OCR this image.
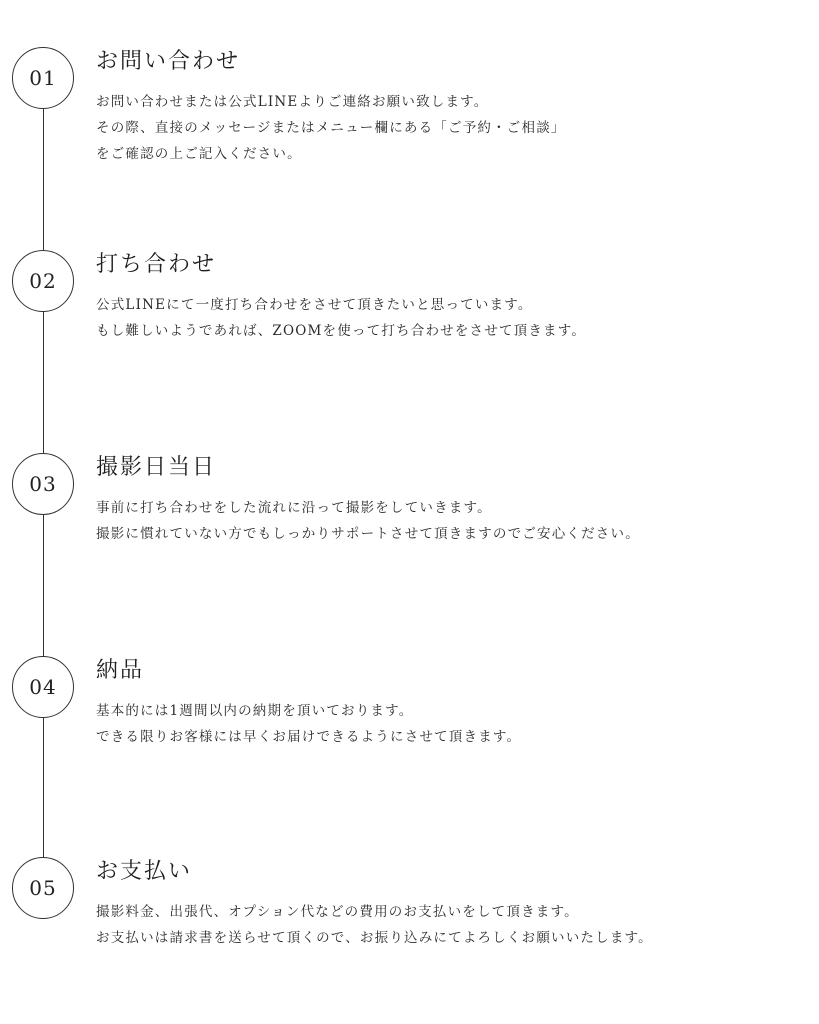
01
お問い合わせ
お問い合わせまたは公式LINEよりご連絡お願い致します。
その際、直接のメッセージまたはメニュー欄にある「ご予約・ご相談」
をご確認の上ご記入ください。
02
打ち合わせ
公式LINEにて一度打ち合わせをさせて頂きたいと思っています。
もし難しいようであれば、ZOOMを使って打ち合わせをさせて頂きます。
03
撮影日当日
事前に打ち合わせをした流れに沿って撮影をしていきます。
撮影に慣れていない方でもしっかりサポートさせて頂きますのでご安心ください。
04
納品
基本的には1週間以内の納期を頂いております。
できる限りお客様には早くお届けできるようにさせて頂きます。
05
お支払い
撮影料金、出張代、オプション代などの費用のお支払いをして頂きます。
お支払いは請求書を送らせて頂くので、お振り込みにてよろしくお願いいたします。
